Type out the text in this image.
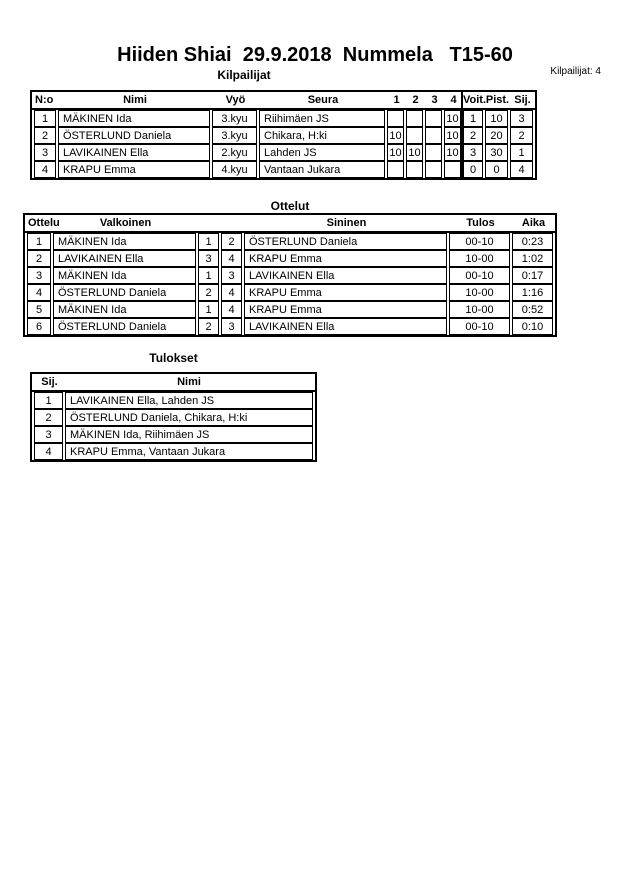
Hiiden Shiai  29.9.2018  Nummela   T15-60
Kilpailijat	Kilpailijat: 4
N:o	Nimi	Vyö	Seura	1	2	3	4 Voit. Pist. Sij.
1	MÄKINEN Ida	3.kyu	Riihimäen JS				10	1	10	3
2	ÖSTERLUND Daniela	3.kyu	Chikara, H:ki	10			10	2	20	2
3	LAVIKAINEN Ella	2.kyu	Lahden JS	10	10		10	3	30	1
4	KRAPU Emma	4.kyu	Vantaan Jukara					0	0	4
Ottelut
Ottelu	Valkoinen	Sininen	Tulos	Aika
1	MÄKINEN Ida	1	2	ÖSTERLUND Daniela	00-10	0:23
2	LAVIKAINEN Ella	3	4	KRAPU Emma	10-00	1:02
3	MÄKINEN Ida	1	3	LAVIKAINEN Ella	00-10	0:17
4	ÖSTERLUND Daniela	2	4	KRAPU Emma	10-00	1:16
5	MÄKINEN Ida	1	4	KRAPU Emma	10-00	0:52
6	ÖSTERLUND Daniela	2	3	LAVIKAINEN Ella	00-10	0:10
Tulokset
Sij.	Nimi
1	LAVIKAINEN Ella, Lahden JS
2	ÖSTERLUND Daniela, Chikara, H:ki
3	MÄKINEN Ida, Riihimäen JS
4	KRAPU Emma, Vantaan Jukara
